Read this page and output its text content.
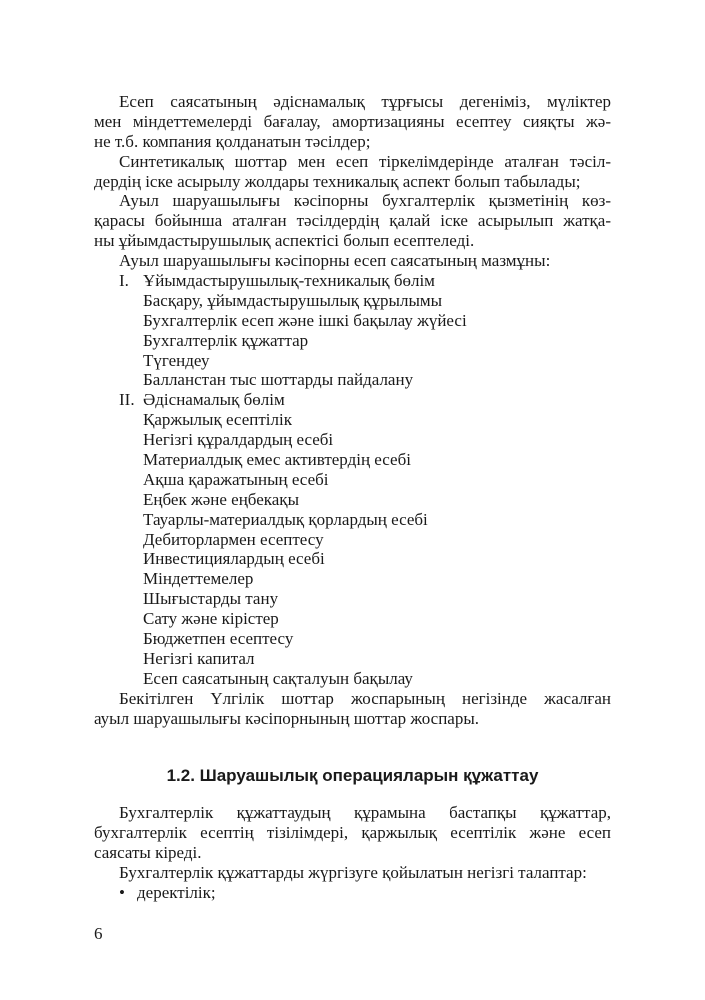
Есеп саясатының әдіснамалық тұрғысы дегеніміз, мүліктер
мен міндеттемелерді бағалау, амортизацияны есептеу сияқты жә-
не т.б. компания қолданатын тәсілдер;
Синтетикалық шоттар мен есеп тіркелімдерінде аталған тәсіл-
дердің іске асырылу жолдары техникалық аспект болып табылады;
Ауыл шаруашылығы кәсіпорны бухгалтерлік қызметінің көз-
қарасы бойынша аталған тәсілдердің қалай іске асырылып жатқа-
ны ұйымдастырушылық аспектісі болып есептеледі.
Ауыл шаруашылығы кәсіпорны есеп саясатының мазмұны:
I. Ұйымдастырушылық-техникалық бөлім
Басқару, ұйымдастырушылық құрылымы
Бухгалтерлік есеп және ішкі бақылау жүйесі
Бухгалтерлік құжаттар
Түгендеу
Балланстан тыс шоттарды пайдалану
II. Әдіснамалық бөлім
Қаржылық есептілік
Негізгі құралдардың есебі
Материалдық емес активтердің есебі
Ақша қаражатының есебі
Еңбек және еңбекақы
Тауарлы-материалдық қорлардың есебі
Дебиторлармен есептесу
Инвестициялардың есебі
Міндеттемелер
Шығыстарды тану
Сату және кірістер
Бюджетпен есептесу
Негізгі капитал
Есеп саясатының сақталуын бақылау
Бекітілген Үлгілік шоттар жоспарының негізінде жасалған
ауыл шаруашылығы кәсіпорнының шоттар жоспары.
1.2. Шаруашылық операцияларын құжаттау
Бухгалтерлік құжаттаудың құрамына бастапқы құжаттар,
бухгалтерлік есептің тізілімдері, қаржылық есептілік және есеп
саясаты кіреді.
Бухгалтерлік құжаттарды жүргізуге қойылатын негізгі талаптар:
• деректілік;
6
